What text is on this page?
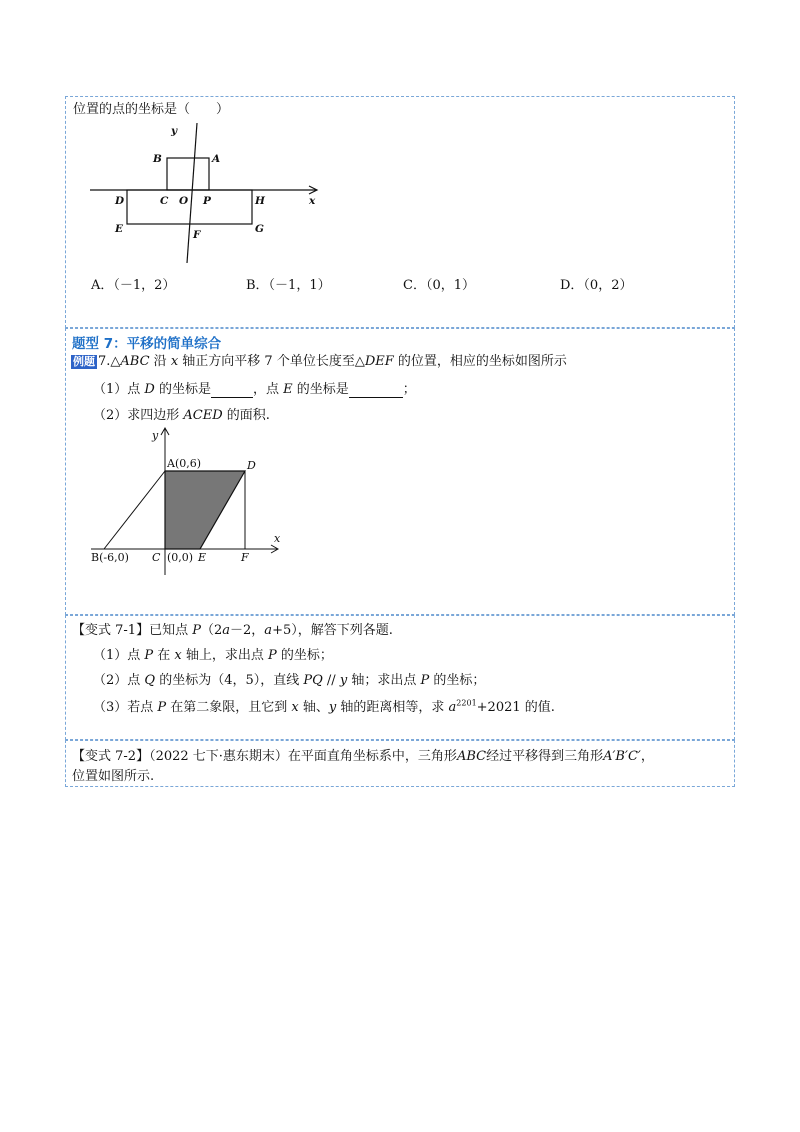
位置的点的坐标是（　　）
y
x
A
B
C O P
D	H
E	F	G
A．（－1，2）	B．（－1，1）	C．（0，1）	D．（0，2）
题型 7：平移的简单综合
例题 7.△ABC 沿 x 轴正方向平移 7 个单位长度至△DEF 的位置，相应的坐标如图所示
（1）点 D 的坐标是	，点 E 的坐标是	；
（2）求四边形 ACED 的面积.
y
x
A(0,6)	D
B(-6,0) C (0,0) E	F
【变式 7-1】已知点 P（2a－2，a+5），解答下列各题.
（1）点 P 在 x 轴上，求出点 P 的坐标；
（2）点 Q 的坐标为（4，5），直线 PQ // y 轴；求出点 P 的坐标；
（3）若点 P 在第二象限，且它到 x 轴、y 轴的距离相等，求 $a^{2201}+2021$ 的值.
【变式 7-2】（2022 七下·惠东期末）在平面直角坐标系中，三角形ABC经过平移得到三角形A′B′C′，
位置如图所示.
